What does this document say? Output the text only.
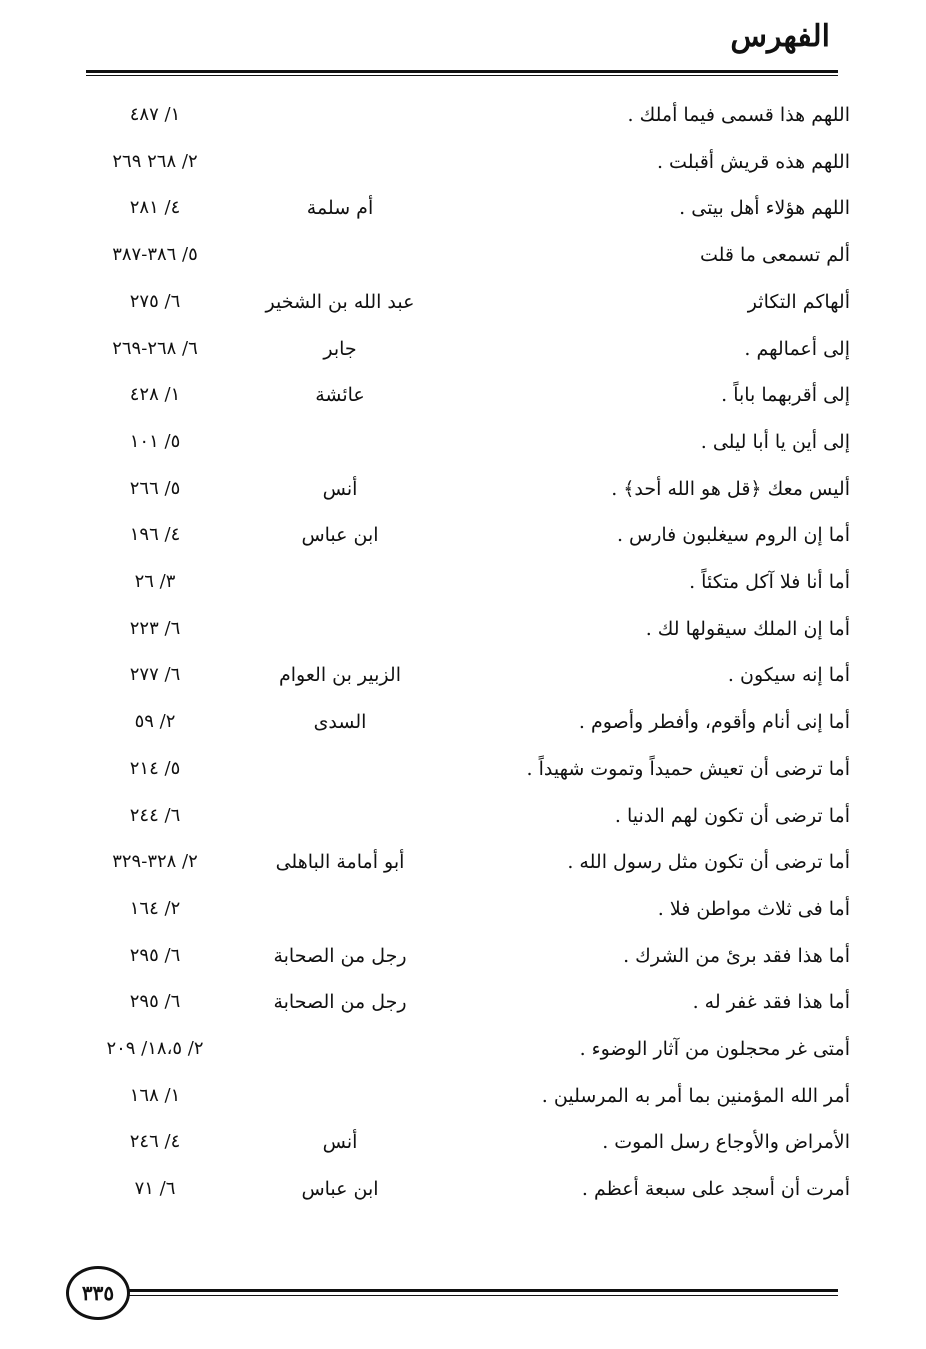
الفهرس
اللهم هذا قسمى فيما أملك .
١/ ٤٨٧
اللهم هذه قريش أقبلت .
٢/ ٢٦٨ ٢٦٩
اللهم هؤلاء أهل بيتى .
أم سلمة
٤/ ٢٨١
ألم تسمعى ما قلت
٥/ ٣٨٦-٣٨٧
ألهاكم التكاثر
عبد الله بن الشخير
٦/ ٢٧٥
إلى أعمالهم .
جابر
٦/ ٢٦٨-٢٦٩
إلى أقربهما باباً .
عائشة
١/ ٤٢٨
إلى أين يا أبا ليلى .
٥/ ١٠١
أليس معك ﴿قل هو الله أحد﴾ .
أنس
٥/ ٢٦٦
أما إن الروم سيغلبون فارس .
ابن عباس
٤/ ١٩٦
أما أنا فلا آكل متكئاً .
٣/ ٢٦
أما إن الملك سيقولها لك .
٦/ ٢٢٣
أما إنه سيكون .
الزبير بن العوام
٦/ ٢٧٧
أما إنى أنام وأقوم، وأفطر وأصوم .
السدى
٢/ ٥٩
أما ترضى أن تعيش حميداً وتموت شهيداً .
٥/ ٢١٤
أما ترضى أن تكون لهم الدنيا .
٦/ ٢٤٤
أما ترضى أن تكون مثل رسول الله .
أبو أمامة الباهلى
٢/ ٣٢٨-٣٢٩
أما فى ثلاث مواطن فلا .
٢/ ١٦٤
أما هذا فقد برئ من الشرك .
رجل من الصحابة
٦/ ٢٩٥
أما هذا فقد غفر له .
رجل من الصحابة
٦/ ٢٩٥
أمتى غر محجلون من آثار الوضوء .
٢/ ١٨،٥/ ٢٠٩
أمر الله المؤمنين بما أمر به المرسلين .
١/ ١٦٨
الأمراض والأوجاع رسل الموت .
أنس
٤/ ٢٤٦
أمرت أن أسجد على سبعة أعظم .
ابن عباس
٦/ ٧١
٣٣٥
